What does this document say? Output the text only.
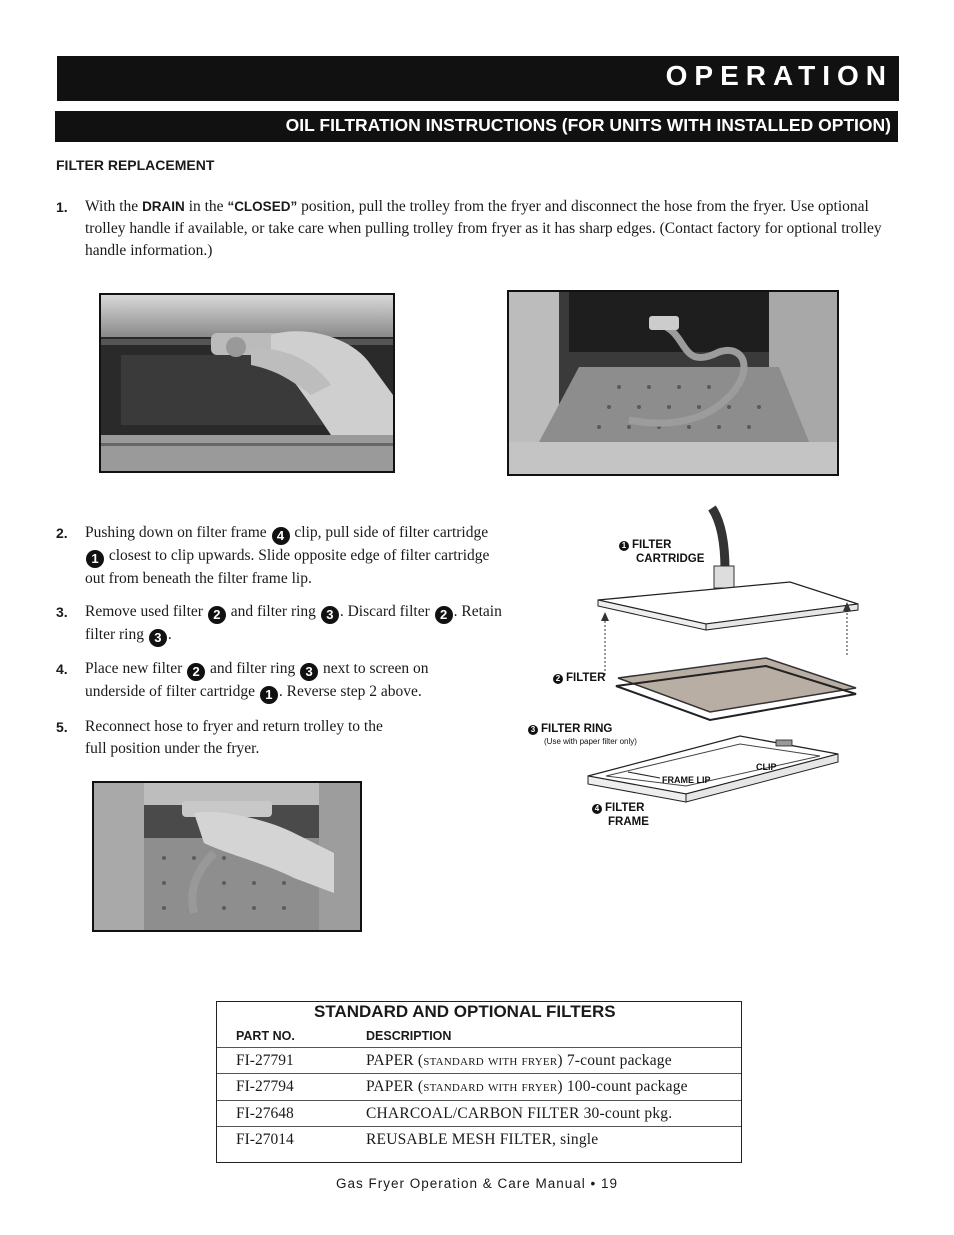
OPERATION
OIL FILTRATION INSTRUCTIONS (FOR UNITS WITH INSTALLED OPTION)
FILTER REPLACEMENT
1. With the DRAIN in the “CLOSED” position, pull the trolley from the fryer and disconnect the hose from the fryer. Use optional trolley handle if available, or take care when pulling trolley from fryer as it has sharp edges. (Contact factory for optional trolley handle information.)
2. Pushing down on filter frame 4 clip, pull side of filter cartridge 1 closest to clip upwards. Slide opposite edge of filter cartridge out from beneath the filter frame lip.
3. Remove used filter 2 and filter ring 3 . Discard filter 2 . Retain filter ring 3 .
4. Place new filter 2 and filter ring 3 next to screen on underside of filter cartridge 1 . Reverse step 2 above.
5. Reconnect hose to fryer and return trolley to the full position under the fryer.
1 FILTER
CARTRIDGE
2 FILTER
3 FILTER RING
(Use with paper filter only)
CLIP
FRAME LIP
4 FILTER
FRAME
STANDARD AND OPTIONAL FILTERS
PART NO.	DESCRIPTION
FI-27791	PAPER (standard with fryer) 7-count package
FI-27794	PAPER (standard with fryer) 100-count package
FI-27648	CHARCOAL/CARBON FILTER 30-count pkg.
FI-27014	REUSABLE MESH FILTER, single
Gas Fryer Operation & Care Manual • 19
